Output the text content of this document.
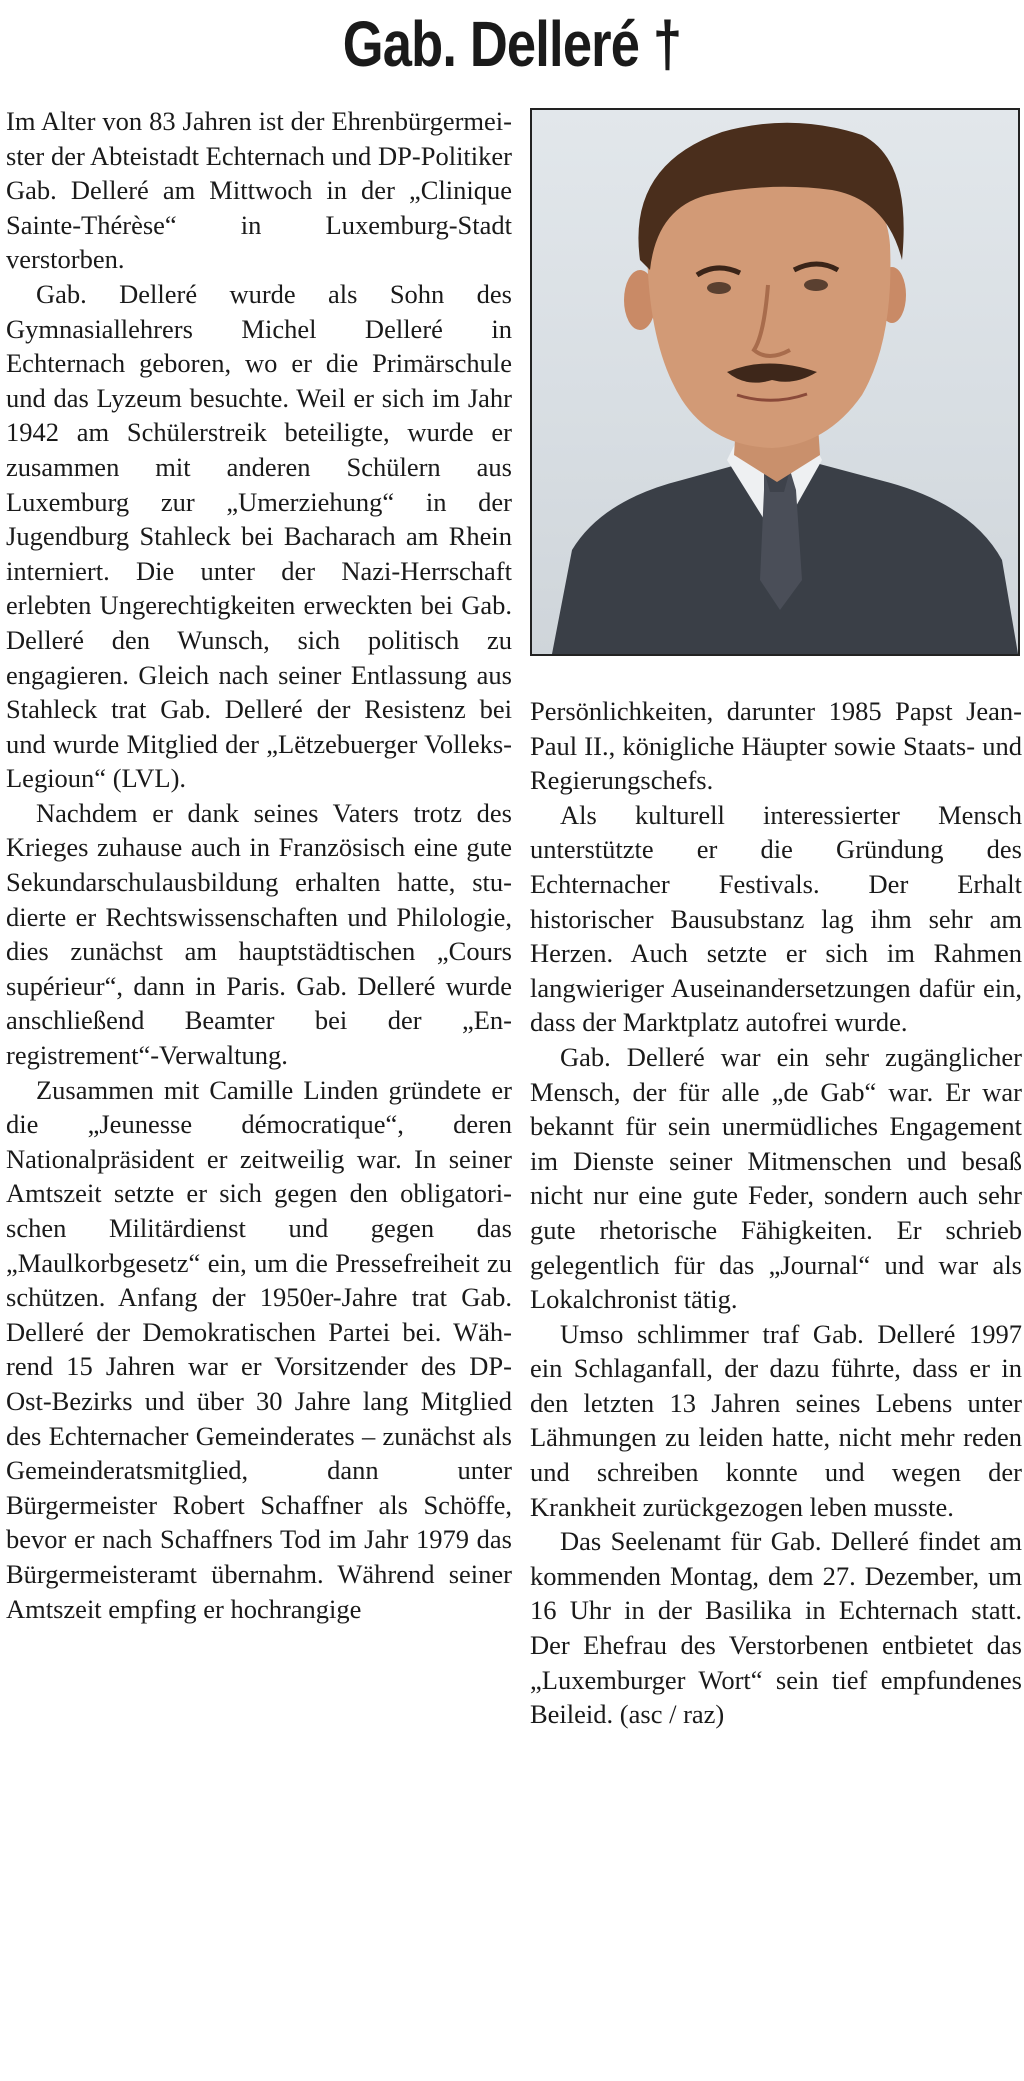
Gab. Delleré †

Im Alter von 83 Jahren ist der Ehrenbürgermeister der Abteistadt Echternach und DP-Politiker Gab. Delleré am Mittwoch in der „Clinique Sainte-Thérèse“ in Luxemburg-Stadt verstorben.

Gab. Delleré wurde als Sohn des Gymnasiallehrers Michel Delleré in Echternach geboren, wo er die Primärschule und das Lyzeum besuchte. Weil er sich im Jahr 1942 am Schülerstreik beteiligte, wurde er zusammen mit anderen Schülern aus Luxemburg zur „Umerziehung“ in der Jugendburg Stahleck bei Bacharach am Rhein interniert. Die unter der Nazi-Herrschaft erlebten Ungerechtigkeiten erweckten bei Gab. Delleré den Wunsch, sich politisch zu engagieren. Gleich nach seiner Entlassung aus Stahleck trat Gab. Delleré der Resistenz bei und wurde Mitglied der „Lëtzebuerger Volleks-Legioun“ (LVL).

Nachdem er dank seines Vaters trotz des Krieges zuhause auch in Französisch eine gute Sekundarschulausbildung erhalten hatte, studierte er Rechtswissenschaften und Philologie, dies zunächst am hauptstädtischen „Cours supérieur“, dann in Paris. Gab. Delleré wurde anschließend Beamter bei der „Enregistrement“-Verwaltung.

Zusammen mit Camille Linden gründete er die „Jeunesse démocratique“, deren Nationalpräsident er zeitweilig war. In seiner Amtszeit setzte er sich gegen den obligatorischen Militärdienst und gegen das „Maulkorbgesetz“ ein, um die Pressefreiheit zu schützen. Anfang der 1950er-Jahre trat Gab. Delleré der Demokratischen Partei bei. Während 15 Jahren war er Vorsitzender des DP-Ost-Bezirks und über 30 Jahre lang Mitglied des Echternacher Gemeinderates – zunächst als Gemeinderatsmitglied, dann unter Bürgermeister Robert Schaffner als Schöffe, bevor er nach Schaffners Tod im Jahr 1979 das Bürgermeisteramt übernahm. Während seiner Amtszeit empfing er hochrangige

Persönlichkeiten, darunter 1985 Papst Jean-Paul II., königliche Häupter sowie Staats- und Regierungschefs.

Als kulturell interessierter Mensch unterstützte er die Gründung des Echternacher Festivals. Der Erhalt historischer Bausubstanz lag ihm sehr am Herzen. Auch setzte er sich im Rahmen langwieriger Auseinandersetzungen dafür ein, dass der Marktplatz autofrei wurde.

Gab. Delleré war ein sehr zugänglicher Mensch, der für alle „de Gab“ war. Er war bekannt für sein unermüdliches Engagement im Dienste seiner Mitmenschen und besaß nicht nur eine gute Feder, sondern auch sehr gute rhetorische Fähigkeiten. Er schrieb gelegentlich für das „Journal“ und war als Lokalchronist tätig.

Umso schlimmer traf Gab. Delleré 1997 ein Schlaganfall, der dazu führte, dass er in den letzten 13 Jahren seines Lebens unter Lähmungen zu leiden hatte, nicht mehr reden und schreiben konnte und wegen der Krankheit zurückgezogen leben musste.

Das Seelenamt für Gab. Delleré findet am kommenden Montag, dem 27. Dezember, um 16 Uhr in der Basilika in Echternach statt. Der Ehefrau des Verstorbenen entbietet das „Luxemburger Wort“ sein tief empfundenes Beileid. (asc / raz)
